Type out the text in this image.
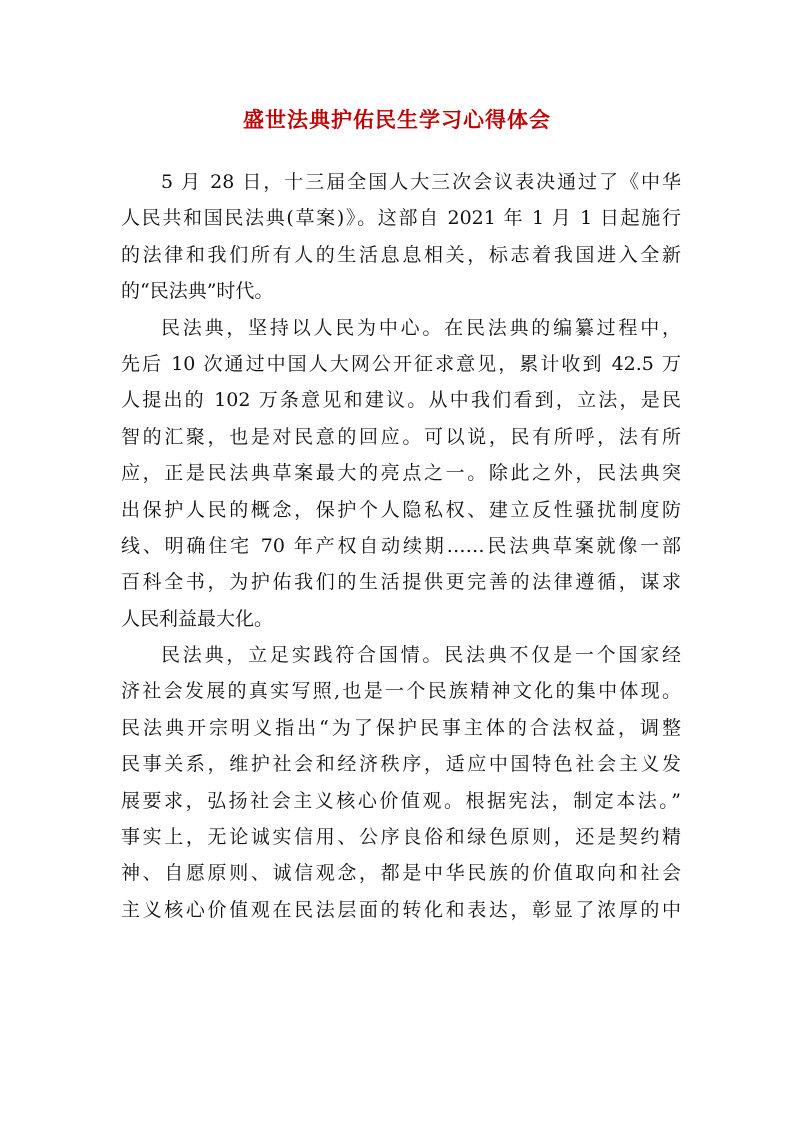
盛世法典护佑民生学习心得体会
5 月 28 日，十三届全国人大三次会议表决通过了《中华
人民共和国民法典(草案)》。这部自 2021 年 1 月 1 日起施行
的法律和我们所有人的生活息息相关，标志着我国进入全新
的“民法典”时代。
民法典，坚持以人民为中心。在民法典的编纂过程中，
先后 10 次通过中国人大网公开征求意见，累计收到 42.5 万
人提出的 102 万条意见和建议。从中我们看到，立法，是民
智的汇聚，也是对民意的回应。可以说，民有所呼，法有所
应，正是民法典草案最大的亮点之一。除此之外，民法典突
出保护人民的概念，保护个人隐私权、建立反性骚扰制度防
线、明确住宅 70 年产权自动续期……民法典草案就像一部
百科全书，为护佑我们的生活提供更完善的法律遵循，谋求
人民利益最大化。
民法典，立足实践符合国情。民法典不仅是一个国家经
济社会发展的真实写照,也是一个民族精神文化的集中体现。
民法典开宗明义指出“为了保护民事主体的合法权益，调整
民事关系，维护社会和经济秩序，适应中国特色社会主义发
展要求，弘扬社会主义核心价值观。根据宪法，制定本法。”
事实上，无论诚实信用、公序良俗和绿色原则，还是契约精
神、自愿原则、诚信观念，都是中华民族的价值取向和社会
主义核心价值观在民法层面的转化和表达，彰显了浓厚的中
